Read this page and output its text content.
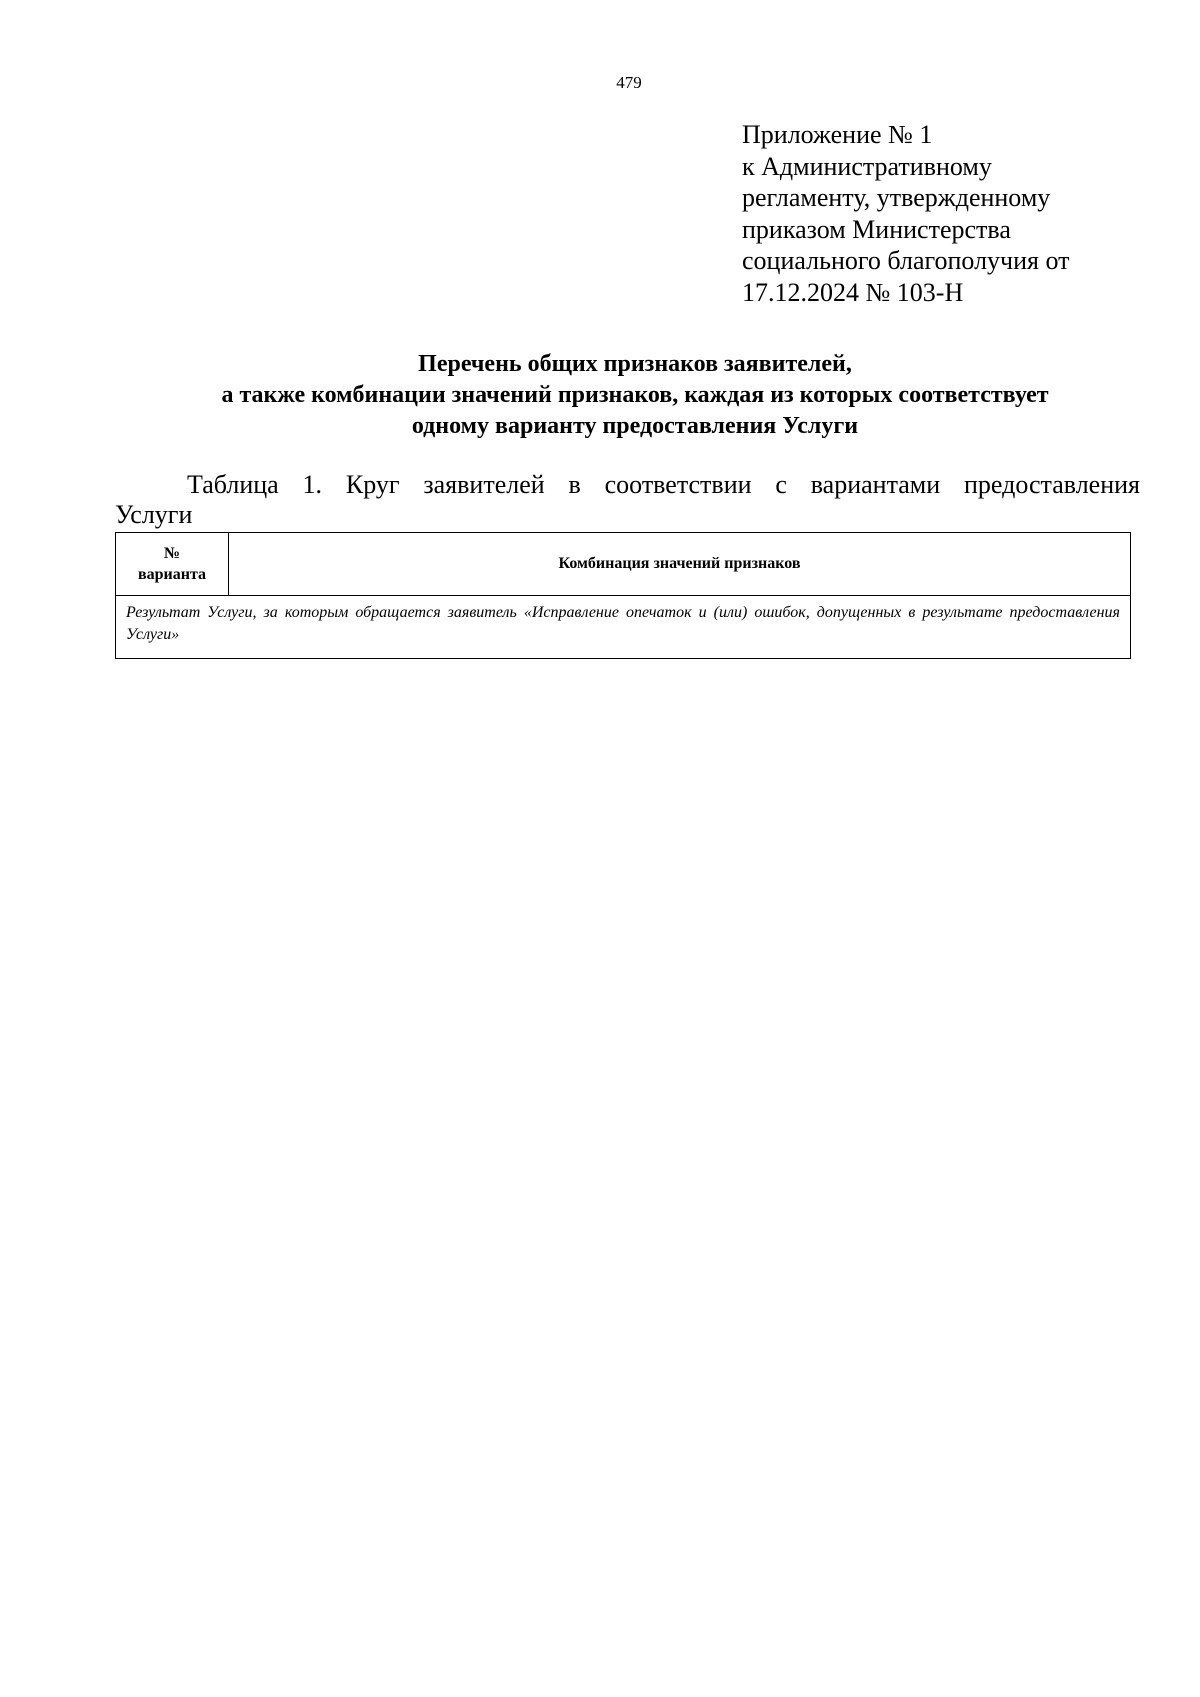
479
Приложение № 1
к Административному
регламенту, утвержденному
приказом Министерства
социального благополучия от
17.12.2024 № 103-Н
Перечень общих признаков заявителей,
а также комбинации значений признаков, каждая из которых соответствует
одному варианту предоставления Услуги
Таблица 1. Круг заявителей в соответствии с вариантами предоставления
Услуги
№
варианта
	Комбинация значений признаков
Результат Услуги, за которым обращается заявитель «Исправление опечаток и (или) ошибок, допущенных в результате предоставления Услуги»
